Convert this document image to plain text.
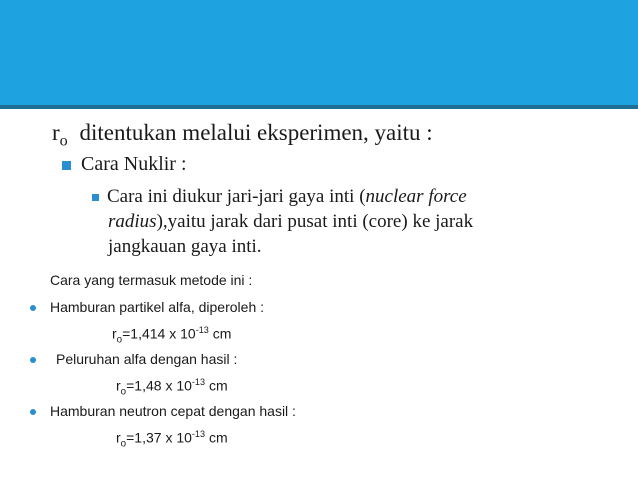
$r_o$ ditentukan melalui eksperimen, yaitu :
Cara Nuklir :
Cara ini diukur jari-jari gaya inti (nuclear force
radius),yaitu jarak dari pusat inti (core) ke jarak
jangkauan gaya inti.
Cara yang termasuk metode ini :
Hamburan partikel alfa, diperoleh :
$r_o=1,414$ x $10^{-13}$ cm
Peluruhan alfa dengan hasil :
$r_o=1,48$ x $10^{-13}$ cm
Hamburan neutron cepat dengan hasil :
$r_o=1,37$ x $10^{-13}$ cm
